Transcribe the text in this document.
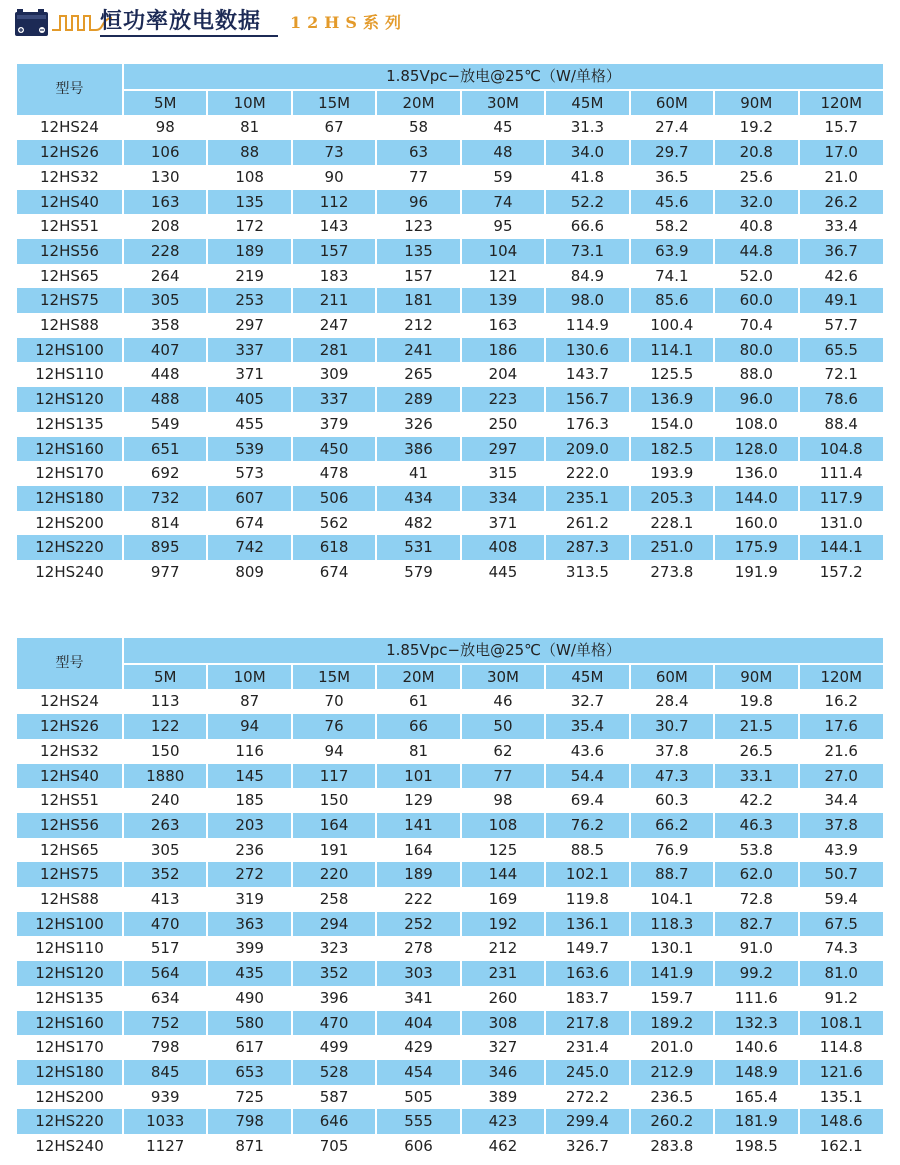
恒功率放电数据 12HS系列
型号	1.85Vpc−放电@25℃（W/单格）								
	5M	10M	15M	20M	30M	45M	60M	90M	120M
12HS24	98	81	67	58	45	31.3	27.4	19.2	15.7
12HS26	106	88	73	63	48	34.0	29.7	20.8	17.0
12HS32	130	108	90	77	59	41.8	36.5	25.6	21.0
12HS40	163	135	112	96	74	52.2	45.6	32.0	26.2
12HS51	208	172	143	123	95	66.6	58.2	40.8	33.4
12HS56	228	189	157	135	104	73.1	63.9	44.8	36.7
12HS65	264	219	183	157	121	84.9	74.1	52.0	42.6
12HS75	305	253	211	181	139	98.0	85.6	60.0	49.1
12HS88	358	297	247	212	163	114.9	100.4	70.4	57.7
12HS100	407	337	281	241	186	130.6	114.1	80.0	65.5
12HS110	448	371	309	265	204	143.7	125.5	88.0	72.1
12HS120	488	405	337	289	223	156.7	136.9	96.0	78.6
12HS135	549	455	379	326	250	176.3	154.0	108.0	88.4
12HS160	651	539	450	386	297	209.0	182.5	128.0	104.8
12HS170	692	573	478	41	315	222.0	193.9	136.0	111.4
12HS180	732	607	506	434	334	235.1	205.3	144.0	117.9
12HS200	814	674	562	482	371	261.2	228.1	160.0	131.0
12HS220	895	742	618	531	408	287.3	251.0	175.9	144.1
12HS240	977	809	674	579	445	313.5	273.8	191.9	157.2
型号	1.85Vpc−放电@25℃（W/单格）								
	5M	10M	15M	20M	30M	45M	60M	90M	120M
12HS24	113	87	70	61	46	32.7	28.4	19.8	16.2
12HS26	122	94	76	66	50	35.4	30.7	21.5	17.6
12HS32	150	116	94	81	62	43.6	37.8	26.5	21.6
12HS40	1880	145	117	101	77	54.4	47.3	33.1	27.0
12HS51	240	185	150	129	98	69.4	60.3	42.2	34.4
12HS56	263	203	164	141	108	76.2	66.2	46.3	37.8
12HS65	305	236	191	164	125	88.5	76.9	53.8	43.9
12HS75	352	272	220	189	144	102.1	88.7	62.0	50.7
12HS88	413	319	258	222	169	119.8	104.1	72.8	59.4
12HS100	470	363	294	252	192	136.1	118.3	82.7	67.5
12HS110	517	399	323	278	212	149.7	130.1	91.0	74.3
12HS120	564	435	352	303	231	163.6	141.9	99.2	81.0
12HS135	634	490	396	341	260	183.7	159.7	111.6	91.2
12HS160	752	580	470	404	308	217.8	189.2	132.3	108.1
12HS170	798	617	499	429	327	231.4	201.0	140.6	114.8
12HS180	845	653	528	454	346	245.0	212.9	148.9	121.6
12HS200	939	725	587	505	389	272.2	236.5	165.4	135.1
12HS220	1033	798	646	555	423	299.4	260.2	181.9	148.6
12HS240	1127	871	705	606	462	326.7	283.8	198.5	162.1
